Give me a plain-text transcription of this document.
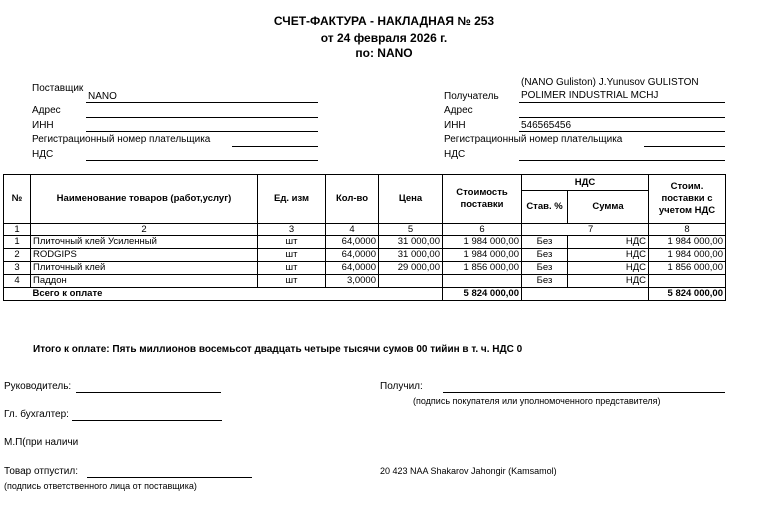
СЧЕТ-ФАКТУРА - НАКЛАДНАЯ № 253
от 24 февраля 2026 г.
по: NANO
Поставщик
NANO
Адрес
ИНН
Регистрационный номер плательщика
НДС
(NANO Guliston) J.Yunusov GULISTON
Получатель POLIMER INDUSTRIAL MCHJ
Адрес
ИНН	546565456
Регистрационный номер плательщика
НДС
№	Наименование товаров (работ,услуг)	Ед. изм	Кол-во	Цена	Стоимость поставки	НДС		Стоим. поставки с учетом НДС
						Став. %	Сумма	
1	2	3	4	5	6	7		8
1	Плиточный клей Усиленный	шт	64,0000	31 000,00	1 984 000,00	Без	НДС	1 984 000,00
2	RODGIPS	шт	64,0000	31 000,00	1 984 000,00	Без	НДС	1 984 000,00
3	Плиточный клей	шт	64,0000	29 000,00	1 856 000,00	Без	НДС	1 856 000,00
4	Паддон	шт	3,0000			Без	НДС	
	Всего к оплате				5 824 000,00			5 824 000,00
Итого к оплате: Пять миллионов восемьсот двадцать четыре тысячи сумов 00 тийин в т. ч. НДС 0
Руководитель:
Гл. бухгалтер:
М.П(при наличи
Товар отпустил:
(подпись ответственного лица от поставщика)
Получил:
(подпись покупателя или уполномоченного представителя)
20 423 NAA Shakarov Jahongir (Kamsamol)
